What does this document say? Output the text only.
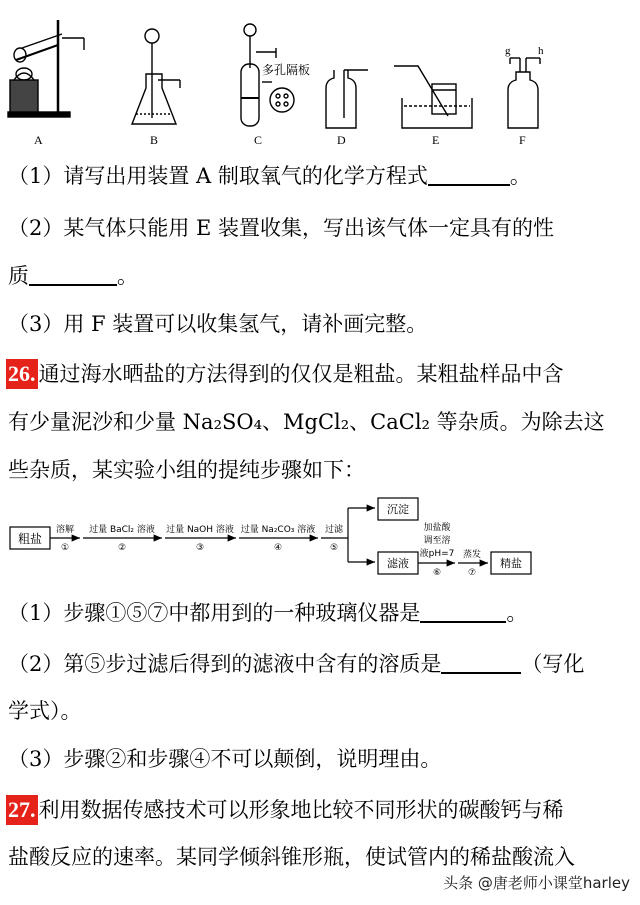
A	B	C	D	E	F
多孔隔板
g	h
（1）请写出用装置 A 制取氧气的化学方程式	。
（2）某气体只能用 E 装置收集，写出该气体一定具有的性
质	。
（3）用 F 装置可以收集氢气，请补画完整。
26. 通过海水晒盐的方法得到的仅仅是粗盐。某粗盐样品中含
有少量泥沙和少量 Na₂SO₄、MgCl₂、CaCl₂ 等杂质。为除去这
些杂质，某实验小组的提纯步骤如下：
粗盐
溶解
①
过量 BaCl₂ 溶液
②
过量 NaOH 溶液
③
过量 Na₂CO₃ 溶液
④
过滤
⑤
沉淀
滤液
加盐酸
调至溶
液pH=7
⑥
蒸发
⑦
精盐
（1）步骤①⑤⑦中都用到的一种玻璃仪器是	。
（2）第⑤步过滤后得到的滤液中含有的溶质是	（写化
学式）。
（3）步骤②和步骤④不可以颠倒，说明理由。
27. 利用数据传感技术可以形象地比较不同形状的碳酸钙与稀
盐酸反应的速率。某同学倾斜锥形瓶，使试管内的稀盐酸流入
头条 @唐老师小课堂harley
